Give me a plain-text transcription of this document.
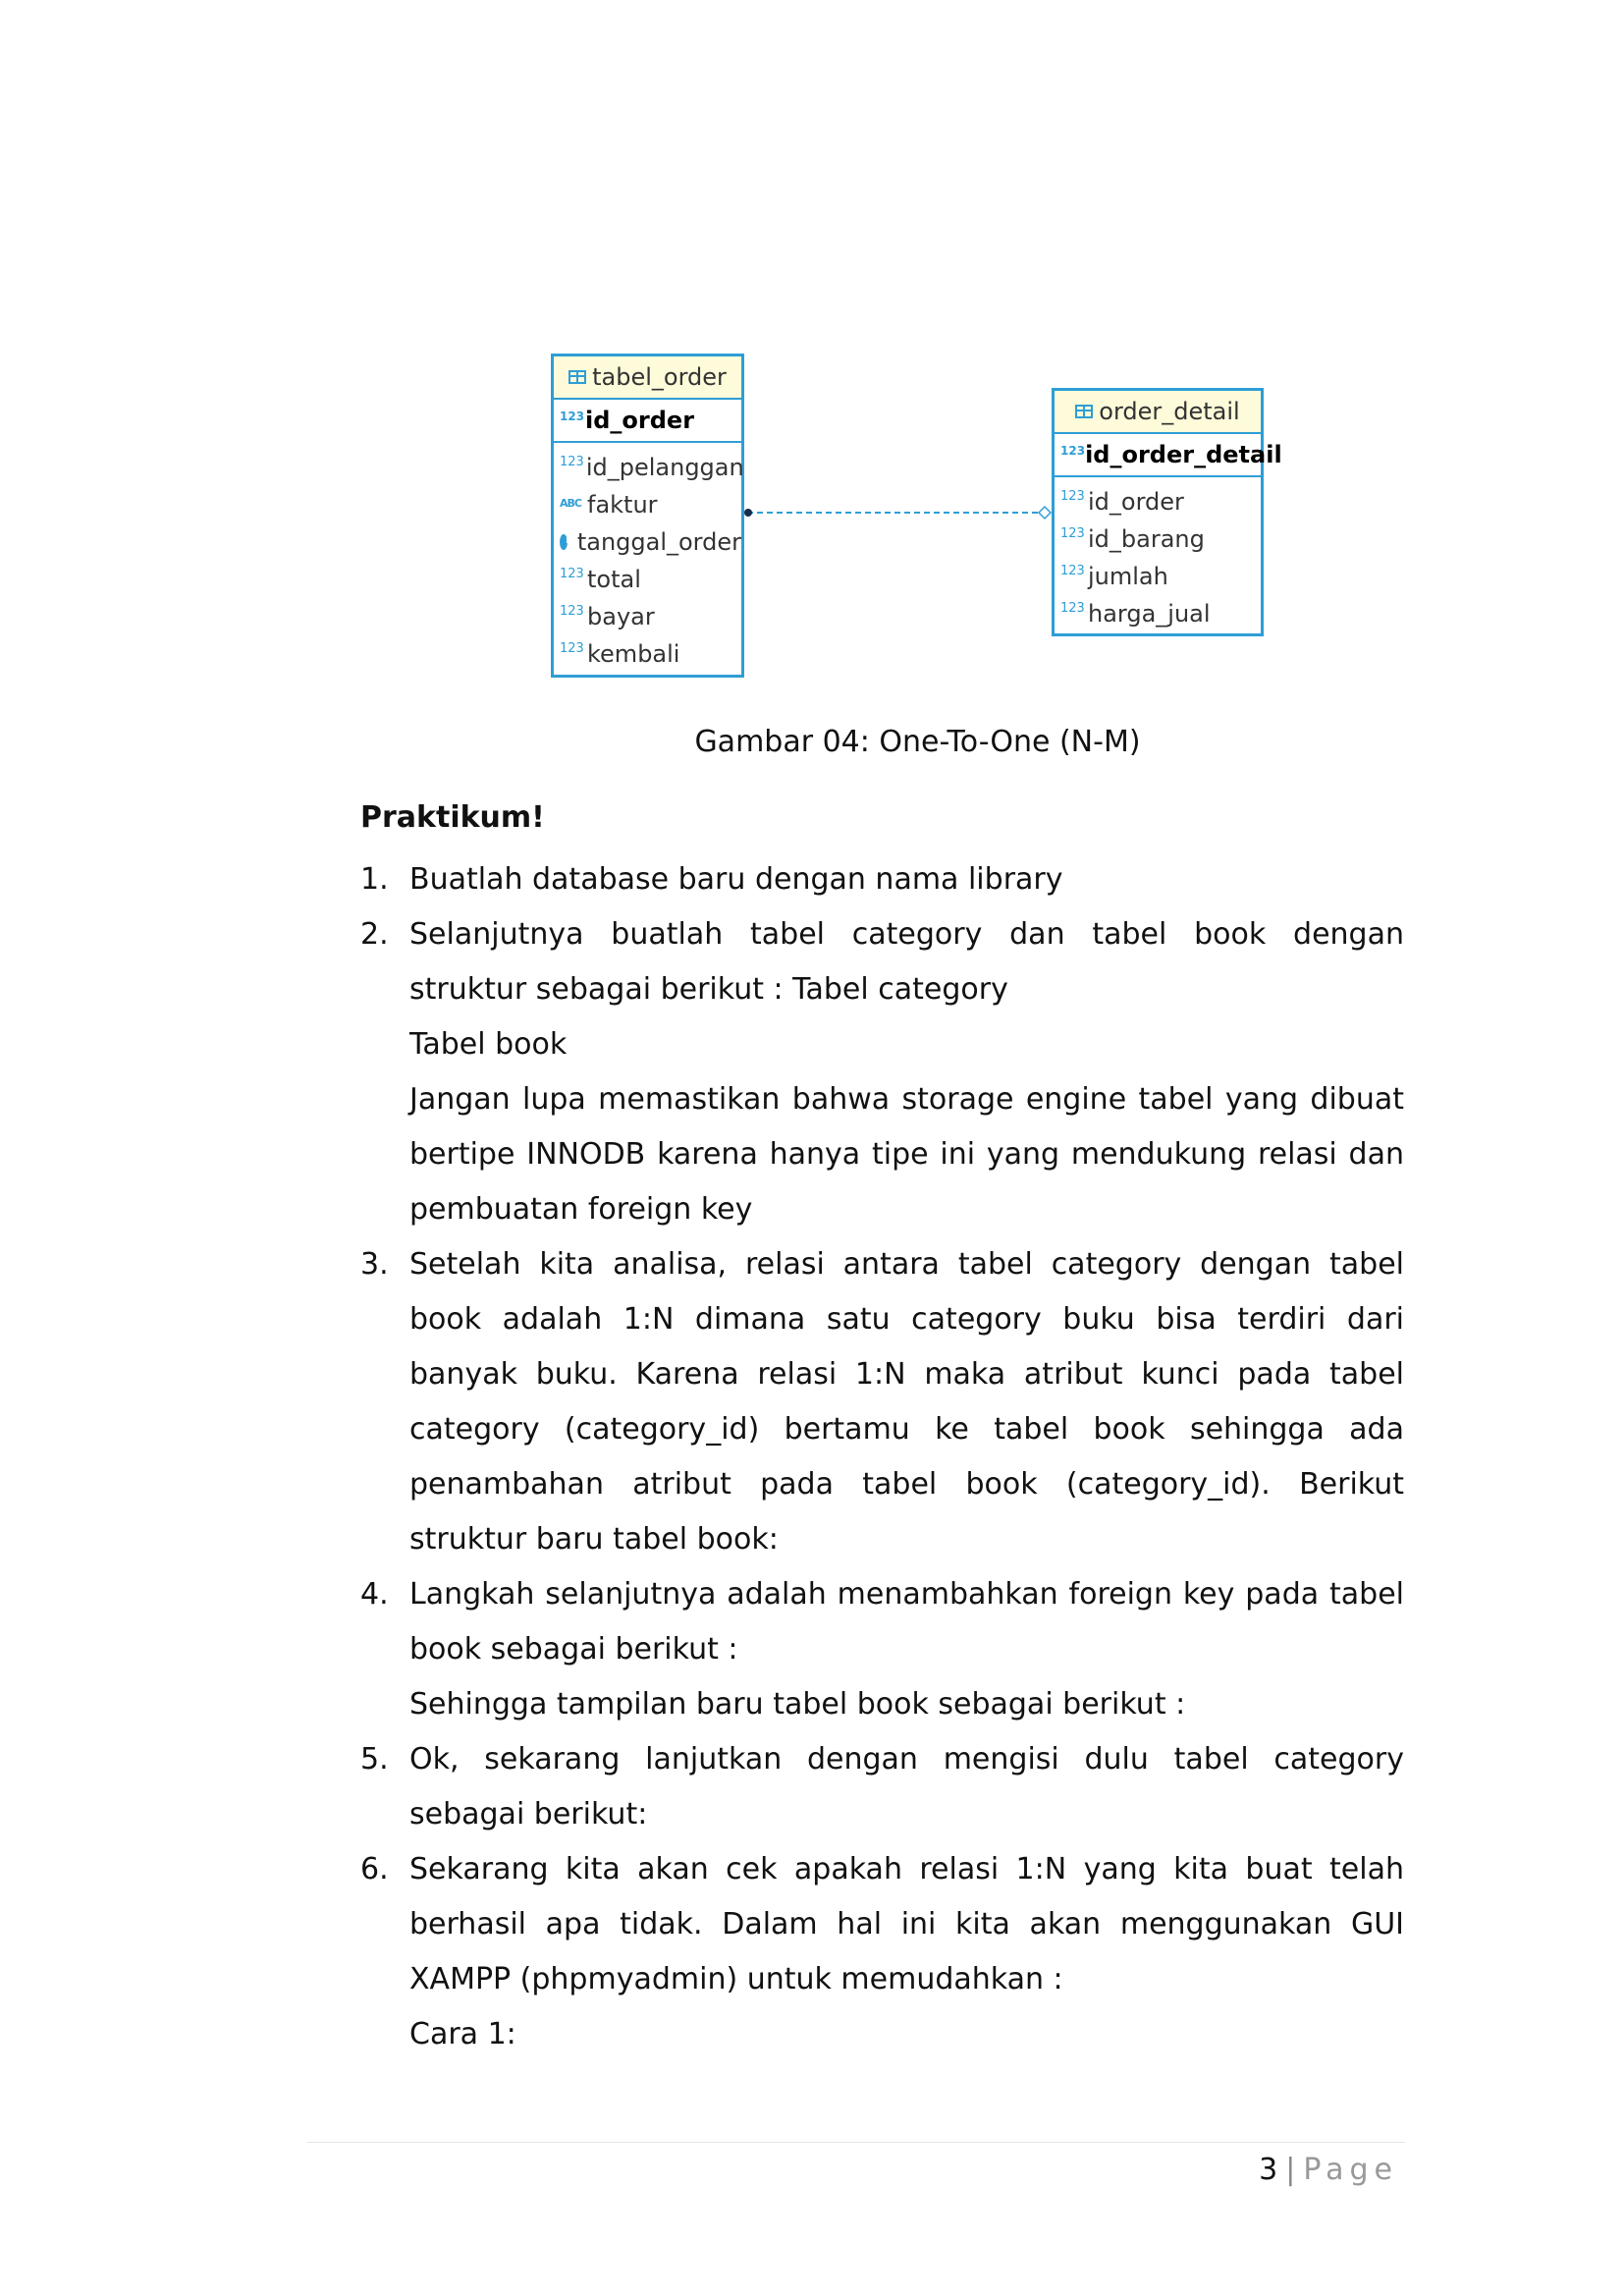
tabel_order
123 id_order
123 id_pelanggan
ABC faktur
tanggal_order
123 total
123 bayar
123 kembali
order_detail
123 id_order_detail
123 id_order
123 id_barang
123 jumlah
123 harga_jual
Gambar 04: One-To-One (N-M)
Praktikum!
1. Buatlah database baru dengan nama library

2. Selanjutnya buatlah tabel category dan tabel book dengan struktur sebagai berikut : Tabel category

Tabel book

Jangan lupa memastikan bahwa storage engine tabel yang dibuat bertipe INNODB karena hanya tipe ini yang mendukung relasi dan pembuatan foreign key

3. Setelah kita analisa, relasi antara tabel category dengan tabel book adalah 1:N dimana satu category buku bisa terdiri dari banyak buku. Karena relasi 1:N maka atribut kunci pada tabel category (category_id) bertamu ke tabel book sehingga ada penambahan atribut pada tabel book (category_id). Berikut struktur baru tabel book:

4. Langkah selanjutnya adalah menambahkan foreign key pada tabel book sebagai berikut :

Sehingga tampilan baru tabel book sebagai berikut :

5. Ok, sekarang lanjutkan dengan mengisi dulu tabel category sebagai berikut:

6. Sekarang kita akan cek apakah relasi 1:N yang kita buat telah berhasil apa tidak. Dalam hal ini kita akan menggunakan GUI XAMPP (phpmyadmin) untuk memudahkan :

Cara 1:

3 | Page
